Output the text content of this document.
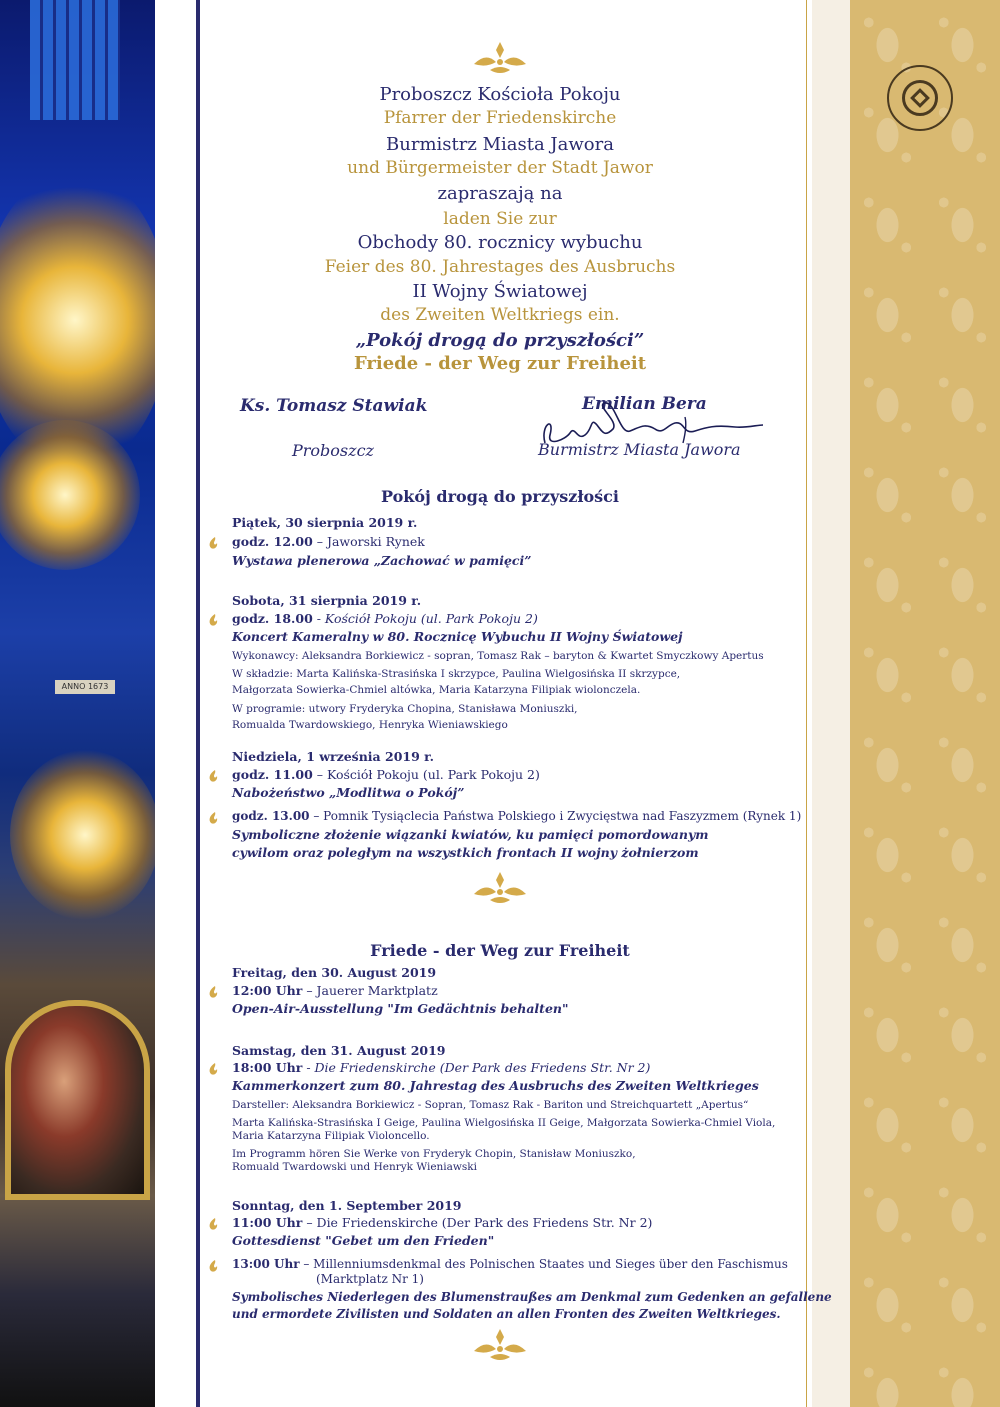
ANNO 1673
Proboszcz Kościoła Pokoju
Pfarrer der Friedenskirche
Burmistrz Miasta Jawora
und Bürgermeister der Stadt Jawor
zapraszają na
laden Sie zur
Obchody 80. rocznicy wybuchu
Feier des 80. Jahrestages des Ausbruchs
II Wojny Światowej
des Zweiten Weltkriegs ein.
„Pokój drogą do przyszłości”
Friede - der Weg zur Freiheit
Ks. Tomasz Stawiak
Proboszcz
Emilian Bera
Burmistrz Miasta Jawora
Pokój drogą do przyszłości
Piątek, 30 sierpnia 2019 r.
godz. 12.00 – Jaworski Rynek
Wystawa plenerowa „Zachować w pamięci”
Sobota, 31 sierpnia 2019 r.
godz. 18.00 - Kościół Pokoju (ul. Park Pokoju 2)
Koncert Kameralny w 80. Rocznicę Wybuchu II Wojny Światowej
Wykonawcy: Aleksandra Borkiewicz - sopran, Tomasz Rak – baryton & Kwartet Smyczkowy Apertus
W składzie: Marta Kalińska-Strasińska I skrzypce, Paulina Wielgosińska II skrzypce,
Małgorzata Sowierka-Chmiel altówka, Maria Katarzyna Filipiak wiolonczela.
W programie: utwory Fryderyka Chopina, Stanisława Moniuszki,
Romualda Twardowskiego, Henryka Wieniawskiego
Niedziela, 1 września 2019 r.
godz. 11.00 – Kościół Pokoju (ul. Park Pokoju 2)
Nabożeństwo „Modlitwa o Pokój”
godz. 13.00 – Pomnik Tysiąclecia Państwa Polskiego i Zwycięstwa nad Faszyzmem (Rynek 1)
Symboliczne złożenie wiązanki kwiatów, ku pamięci pomordowanym
cywilom oraz poległym na wszystkich frontach II wojny żołnierzom
Friede - der Weg zur Freiheit
Freitag, den 30. August 2019
12:00 Uhr – Jauerer Marktplatz
Open-Air-Ausstellung "Im Gedächtnis behalten"
Samstag, den 31. August 2019
18:00 Uhr - Die Friedenskirche (Der Park des Friedens Str. Nr 2)
Kammerkonzert zum 80. Jahrestag des Ausbruchs des Zweiten Weltkrieges
Darsteller: Aleksandra Borkiewicz - Sopran, Tomasz Rak - Bariton und Streichquartett „Apertus“
Marta Kalińska-Strasińska I Geige, Paulina Wielgosińska II Geige, Małgorzata Sowierka-Chmiel Viola,
Maria Katarzyna Filipiak Violoncello.
Im Programm hören Sie Werke von Fryderyk Chopin, Stanisław Moniuszko,
Romuald Twardowski und Henryk Wieniawski
Sonntag, den 1. September 2019
11:00 Uhr – Die Friedenskirche (Der Park des Friedens Str. Nr 2)
Gottesdienst "Gebet um den Frieden"
13:00 Uhr – Millenniumsdenkmal des Polnischen Staates und Sieges über den Faschismus
(Marktplatz Nr 1)
Symbolisches Niederlegen des Blumenstraußes am Denkmal zum Gedenken an gefallene
und ermordete Zivilisten und Soldaten an allen Fronten des Zweiten Weltkrieges.
